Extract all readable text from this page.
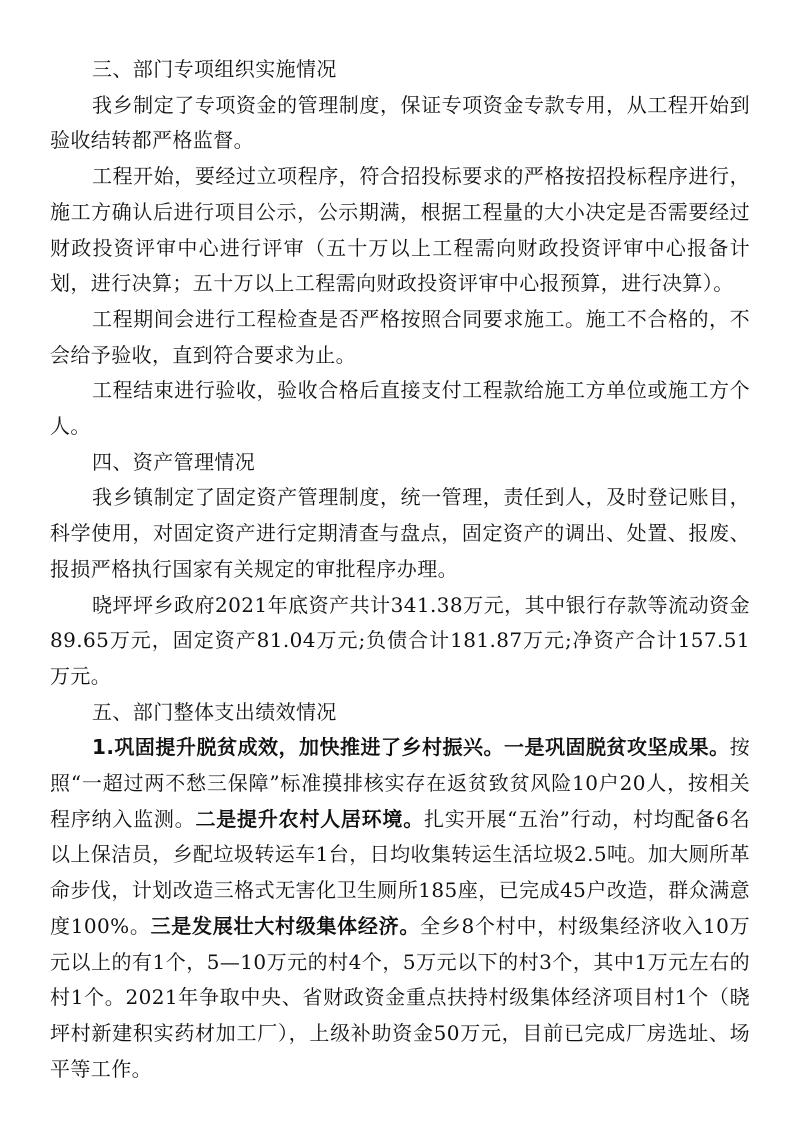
三、部门专项组织实施情况

我乡制定了专项资金的管理制度，保证专项资金专款专用，从工程开始到验收结转都严格监督。

工程开始，要经过立项程序，符合招投标要求的严格按招投标程序进行，施工方确认后进行项目公示，公示期满，根据工程量的大小决定是否需要经过财政投资评审中心进行评审（五十万以上工程需向财政投资评审中心报备计划，进行决算；五十万以上工程需向财政投资评审中心报预算，进行决算）。

工程期间会进行工程检查是否严格按照合同要求施工。施工不合格的，不会给予验收，直到符合要求为止。

工程结束进行验收，验收合格后直接支付工程款给施工方单位或施工方个人。

四、资产管理情况

我乡镇制定了固定资产管理制度，统一管理，责任到人，及时登记账目，科学使用，对固定资产进行定期清查与盘点，固定资产的调出、处置、报废、报损严格执行国家有关规定的审批程序办理。

晓坪坪乡政府2021年底资产共计341.38万元，其中银行存款等流动资金89.65万元，固定资产81.04万元;负债合计181.87万元;净资产合计157.51万元。

五、部门整体支出绩效情况

1.巩固提升脱贫成效，加快推进了乡村振兴。一是巩固脱贫攻坚成果。按照“一超过两不愁三保障”标准摸排核实存在返贫致贫风险10户20人，按相关程序纳入监测。二是提升农村人居环境。扎实开展“五治”行动，村均配备6名以上保洁员，乡配垃圾转运车1台，日均收集转运生活垃圾2.5吨。加大厕所革命步伐，计划改造三格式无害化卫生厕所185座，已完成45户改造，群众满意度100%。三是发展壮大村级集体经济。全乡8个村中，村级集经济收入10万元以上的有1个，5—10万元的村4个，5万元以下的村3个，其中1万元左右的村1个。2021年争取中央、省财政资金重点扶持村级集体经济项目村1个（晓坪村新建积实药材加工厂），上级补助资金50万元，目前已完成厂房选址、场平等工作。
